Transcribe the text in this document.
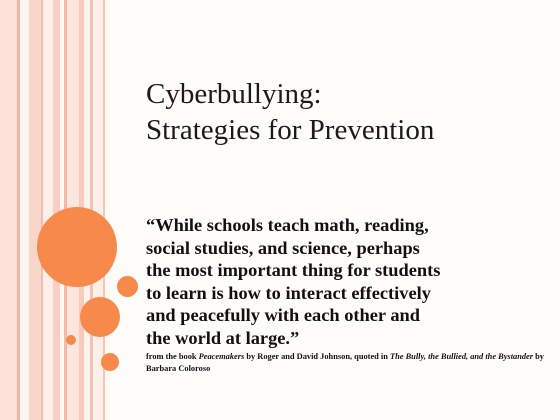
Cyberbullying:
Strategies for Prevention

“While schools teach math, reading,
social studies, and science, perhaps
the most important thing for students
to learn is how to interact effectively
and peacefully with each other and
the world at large.”

from the book Peacemakers by Roger and David Johnson, quoted in The Bully, the Bullied, and the Bystander by Barbara Coloroso
